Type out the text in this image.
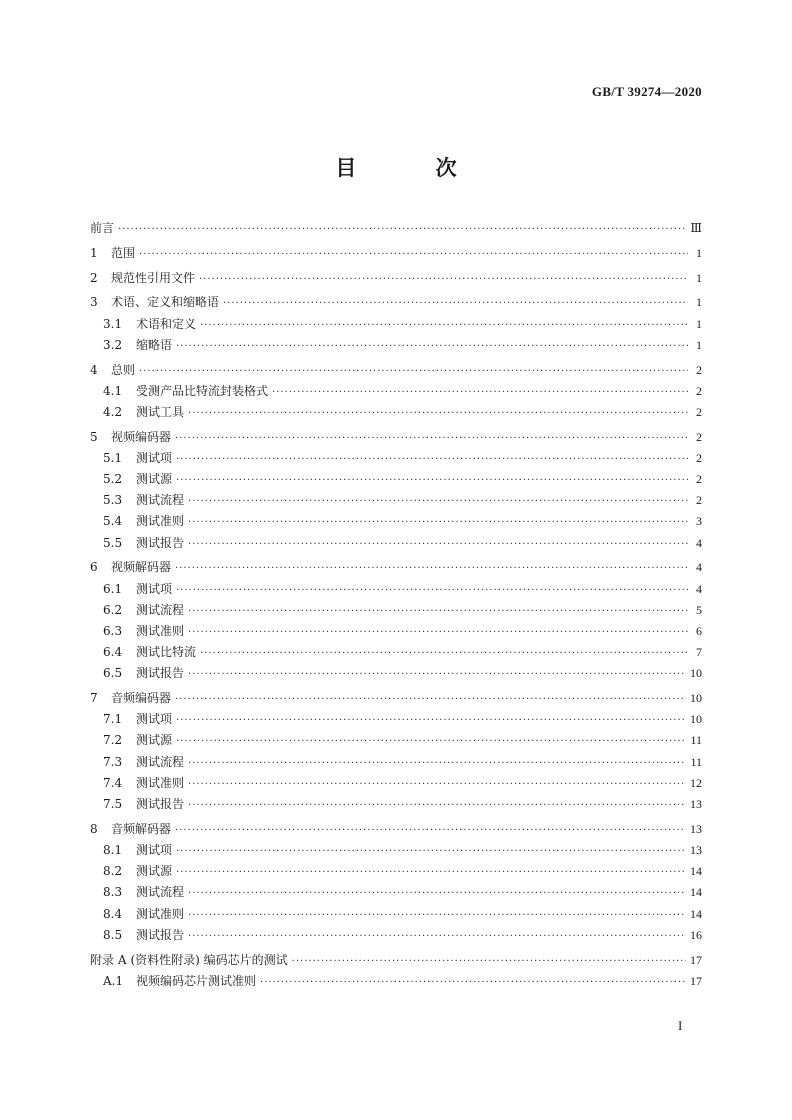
GB/T 39274—2020
目 次
前言 ·····	Ⅲ
1	范围 ·····	1
2	规范性引用文件 ·····	1
3	术语、定义和缩略语 ·····	1
3.1	术语和定义 ·····	1
3.2	缩略语 ·····	1
4	总则 ·····	2
4.1	受测产品比特流封装格式 ·····	2
4.2	测试工具 ·····	2
5	视频编码器 ·····	2
5.1	测试项 ·····	2
5.2	测试源 ·····	2
5.3	测试流程 ·····	2
5.4	测试准则 ·····	3
5.5	测试报告 ·····	4
6	视频解码器 ·····	4
6.1	测试项 ·····	4
6.2	测试流程 ·····	5
6.3	测试准则 ·····	6
6.4	测试比特流 ·····	7
6.5	测试报告 ·····	10
7	音频编码器 ·····	10
7.1	测试项 ·····	10
7.2	测试源 ·····	11
7.3	测试流程 ·····	11
7.4	测试准则 ·····	12
7.5	测试报告 ·····	13
8	音频解码器 ·····	13
8.1	测试项 ·····	13
8.2	测试源 ·····	14
8.3	测试流程 ·····	14
8.4	测试准则 ·····	14
8.5	测试报告 ·····	16
附录 A (资料性附录) 编码芯片的测试 ·····	17
A.1	视频编码芯片测试准则 ·····	17
I
